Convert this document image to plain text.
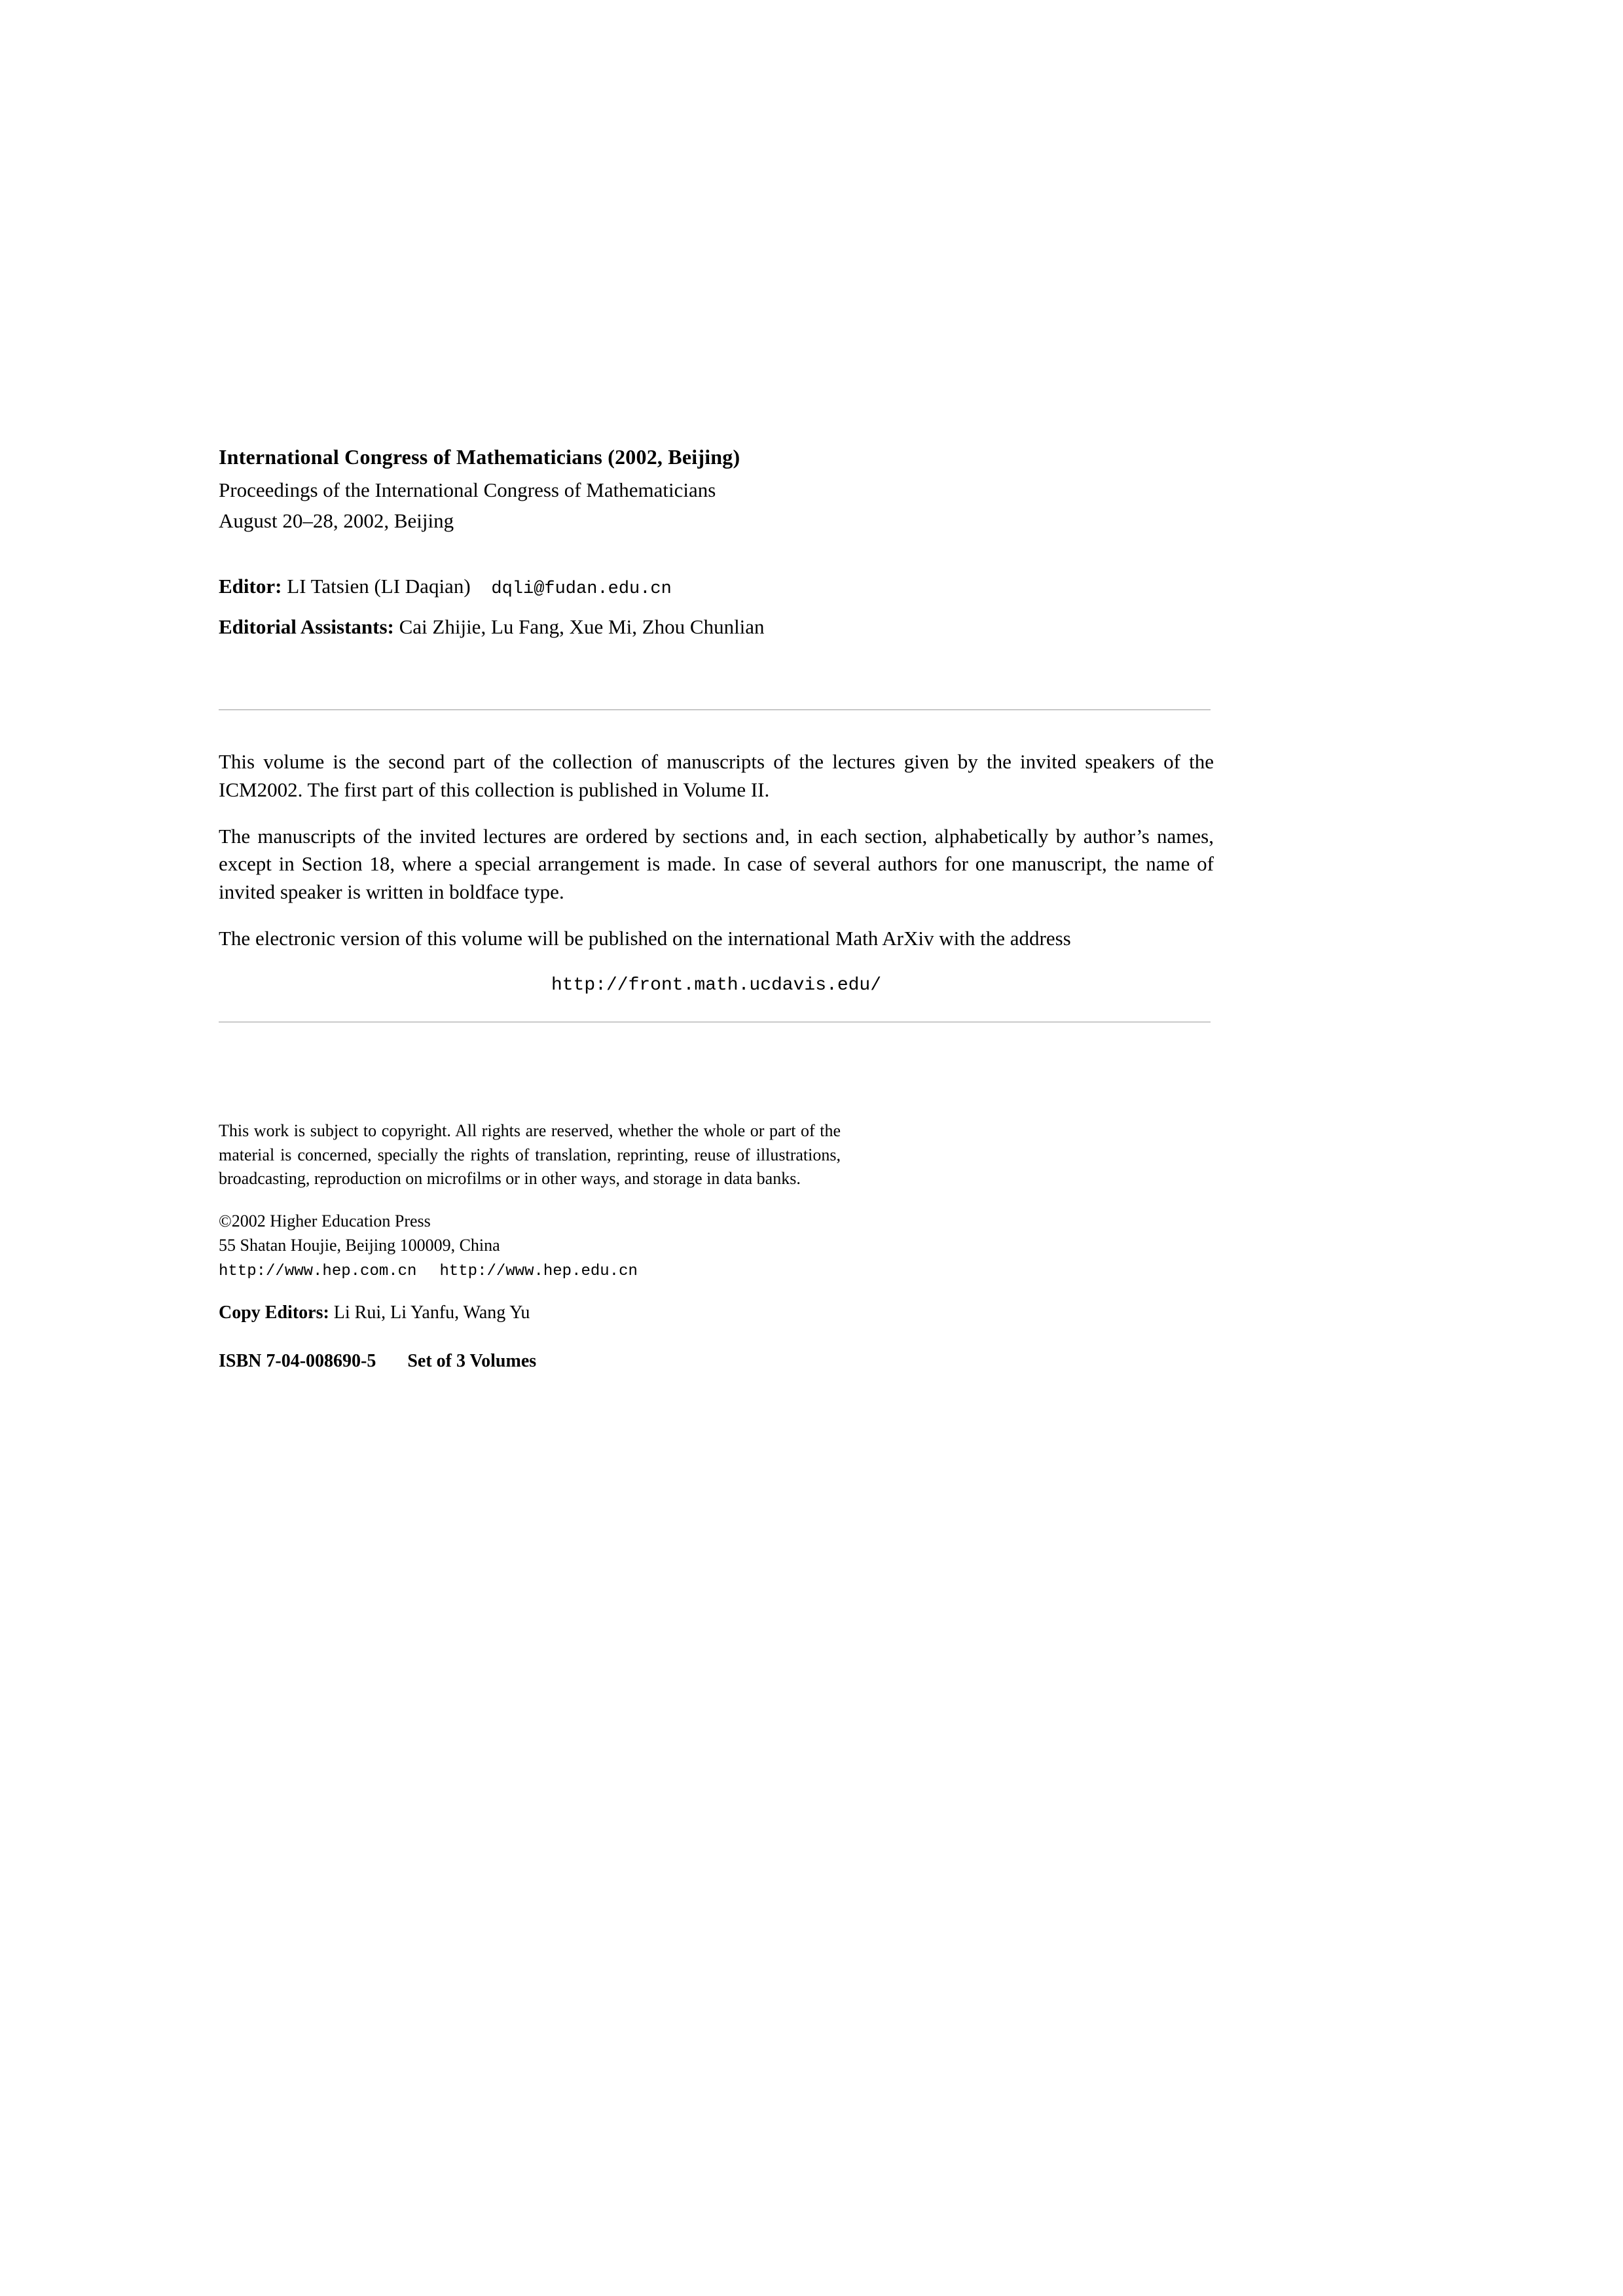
International Congress of Mathematicians (2002, Beijing)
Proceedings of the International Congress of Mathematicians
August 20–28, 2002, Beijing
Editor: LI Tatsien (LI Daqian) dqli@fudan.edu.cn
Editorial Assistants: Cai Zhijie, Lu Fang, Xue Mi, Zhou Chunlian
This volume is the second part of the collection of manuscripts of the lectures given by the invited speakers of the ICM2002. The first part of this collection is published in Volume II.
The manuscripts of the invited lectures are ordered by sections and, in each section, alphabetically by author’s names, except in Section 18, where a special arrangement is made. In case of several authors for one manuscript, the name of invited speaker is written in boldface type.
The electronic version of this volume will be published on the international Math ArXiv with the address
http://front.math.ucdavis.edu/
This work is subject to copyright. All rights are reserved, whether the whole or part of the material is concerned, specially the rights of translation, reprinting, reuse of illustrations, broadcasting, reproduction on microfilms or in other ways, and storage in data banks.
©2002 Higher Education Press
55 Shatan Houjie, Beijing 100009, China
http://www.hep.com.cn http://www.hep.edu.cn
Copy Editors: Li Rui, Li Yanfu, Wang Yu
ISBN 7-04-008690-5 Set of 3 Volumes
